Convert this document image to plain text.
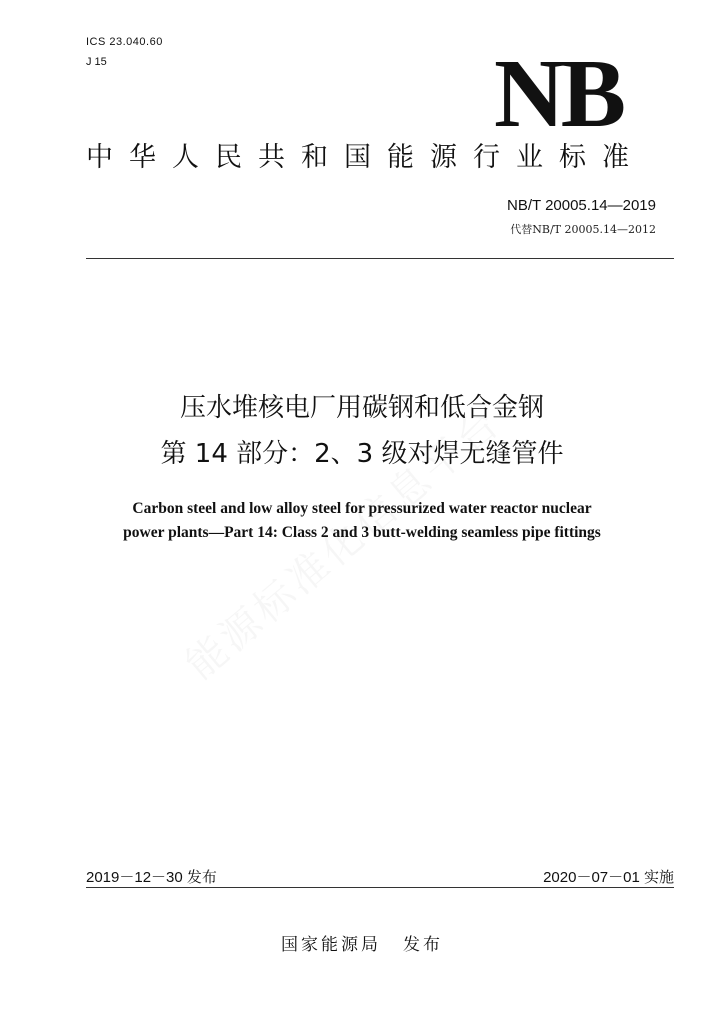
ICS 23.040.60
J 15	NB
中华人民共和国能源行业标准
NB/T 20005.14—2019
代替NB/T 20005.14—2012
压水堆核电厂用碳钢和低合金钢
第 14 部分：2、3 级对焊无缝管件
Carbon steel and low alloy steel for pressurized water reactor nuclear
power plants—Part 14: Class 2 and 3 butt-welding seamless pipe fittings
2019－12－30 发布	2020－07－01 实施
国家能源局 发布
